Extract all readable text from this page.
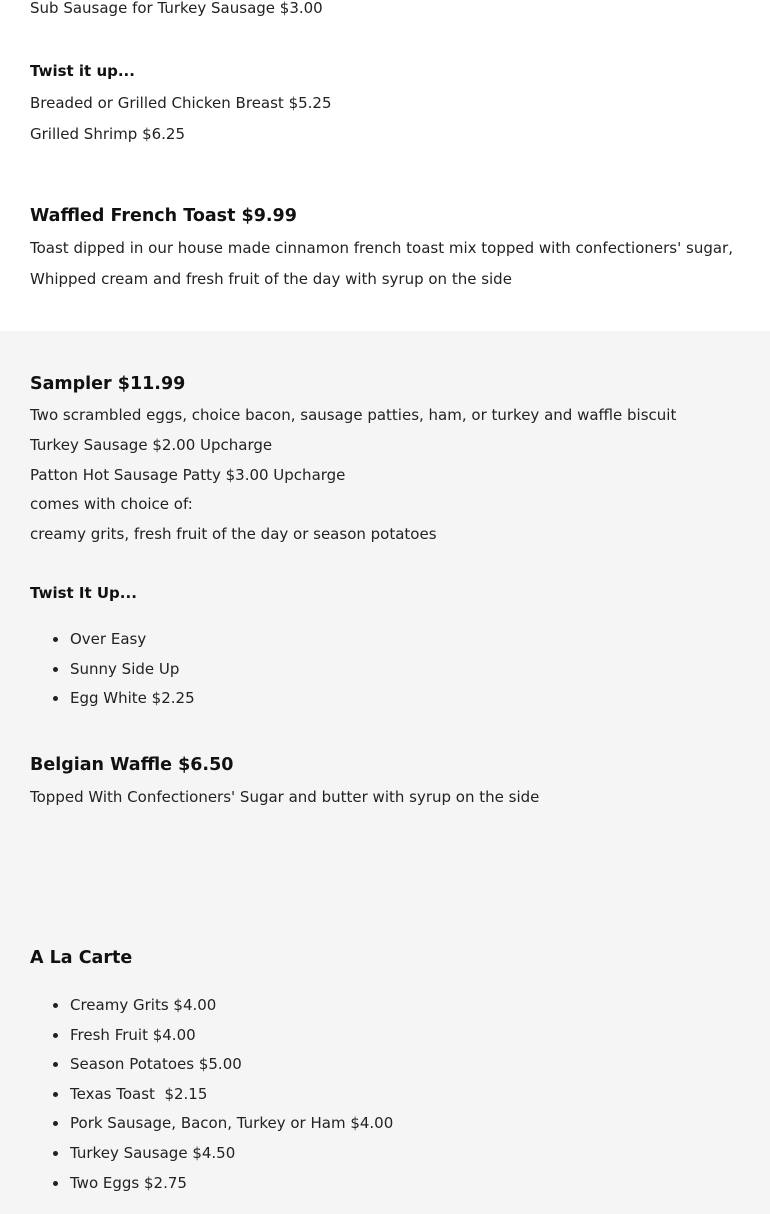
Sub Sausage for Turkey Sausage $3.00
Twist it up...
Breaded or Grilled Chicken Breast $5.25
Grilled Shrimp $6.25
Waffled French Toast $9.99
Toast dipped in our house made cinnamon french toast mix topped with confectioners' sugar,
Whipped cream and fresh fruit of the day with syrup on the side
Sampler $11.99
Two scrambled eggs, choice bacon, sausage patties, ham, or turkey and waffle biscuit
Turkey Sausage $2.00 Upcharge
Patton Hot Sausage Patty $3.00 Upcharge
comes with choice of:
creamy grits, fresh fruit of the day or season potatoes
Twist It Up...
Over Easy
Sunny Side Up
Egg White $2.25
Belgian Waffle $6.50
Topped With Confectioners' Sugar and butter with syrup on the side
A La Carte
Creamy Grits $4.00
Fresh Fruit $4.00
Season Potatoes $5.00
Texas Toast  $2.15
Pork Sausage, Bacon, Turkey or Ham $4.00
Turkey Sausage $4.50
Two Eggs $2.75
